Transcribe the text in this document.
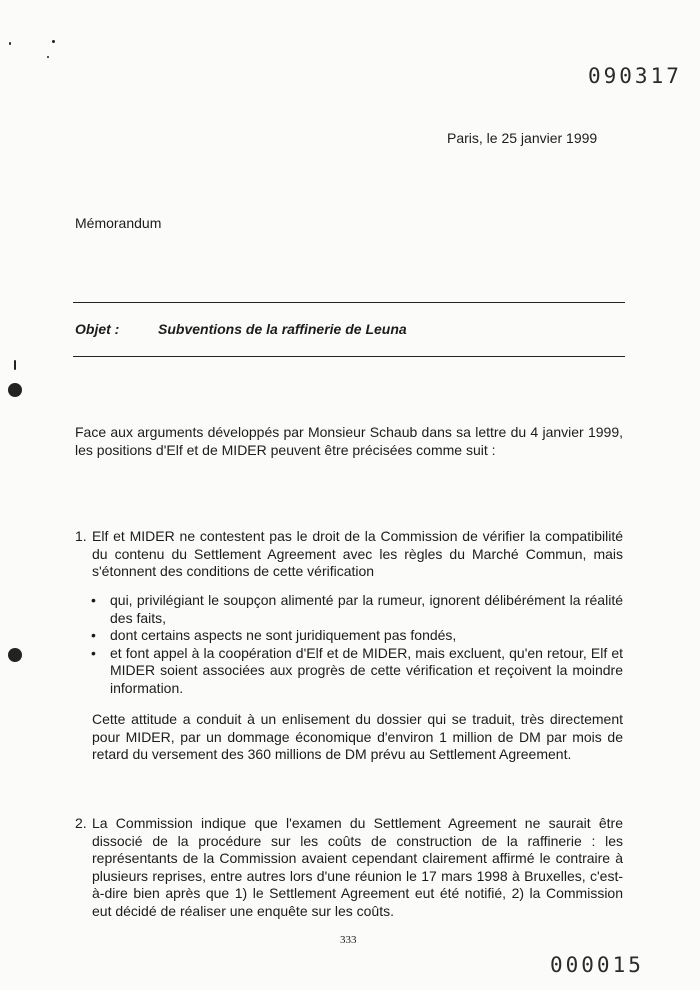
090317
Paris, le 25 janvier 1999
Mémorandum
Objet :	Subventions de la raffinerie de Leuna
Face aux arguments développés par Monsieur Schaub dans sa lettre du 4 janvier 1999, les positions d'Elf et de MIDER peuvent être précisées comme suit :
1. Elf et MIDER ne contestent pas le droit de la Commission de vérifier la compatibilité du contenu du Settlement Agreement avec les règles du Marché Commun, mais s'étonnent des conditions de cette vérification

• qui, privilégiant le soupçon alimenté par la rumeur, ignorent délibérément la réalité des faits,

• dont certains aspects ne sont juridiquement pas fondés,

• et font appel à la coopération d'Elf et de MIDER, mais excluent, qu'en retour, Elf et MIDER soient associées aux progrès de cette vérification et reçoivent la moindre information.

Cette attitude a conduit à un enlisement du dossier qui se traduit, très directement pour MIDER, par un dommage économique d'environ 1 million de DM par mois de retard du versement des 360 millions de DM prévu au Settlement Agreement.
2. La Commission indique que l'examen du Settlement Agreement ne saurait être dissocié de la procédure sur les coûts de construction de la raffinerie : les représentants de la Commission avaient cependant clairement affirmé le contraire à plusieurs reprises, entre autres lors d'une réunion le 17 mars 1998 à Bruxelles, c'est-à-dire bien après que 1) le Settlement Agreement eut été notifié, 2) la Commission eut décidé de réaliser une enquête sur les coûts.
333
000015
